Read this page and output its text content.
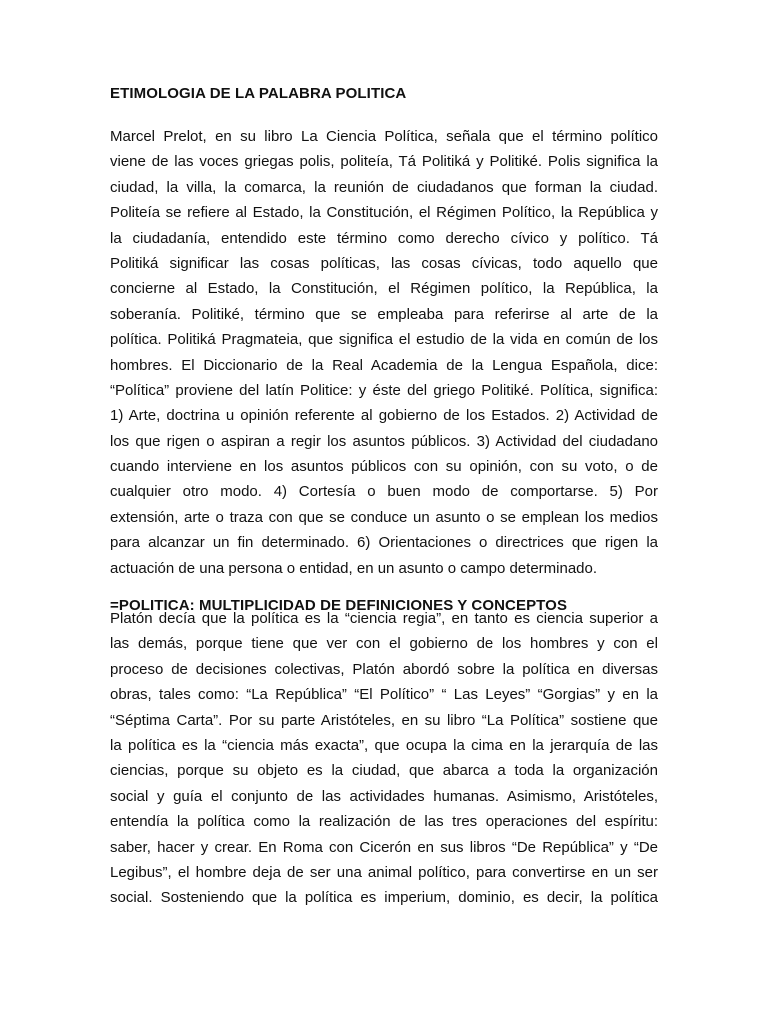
ETIMOLOGIA DE LA PALABRA POLITICA
Marcel Prelot, en su libro La Ciencia Política, señala que el término político
viene de las voces griegas polis, politeía, Tá Politiká y Politiké. Polis significa la
ciudad, la villa, la comarca, la reunión de ciudadanos que forman la ciudad.
Politeía se refiere al Estado, la Constitución, el Régimen Político, la República y
la ciudadanía, entendido este término como derecho cívico y político. Tá
Politiká significar las cosas políticas, las cosas cívicas, todo aquello que
concierne al Estado, la Constitución, el Régimen político, la República, la
soberanía. Politiké, término que se empleaba para referirse al arte de la
política. Politiká Pragmateia, que significa el estudio de la vida en común de los
hombres. El Diccionario de la Real Academia de la Lengua Española, dice:
“Política” proviene del latín Politice: y éste del griego Politiké. Política, significa:
1) Arte, doctrina u opinión referente al gobierno de los Estados. 2) Actividad de
los que rigen o aspiran a regir los asuntos públicos. 3) Actividad del ciudadano
cuando interviene en los asuntos públicos con su opinión, con su voto, o de
cualquier otro modo. 4) Cortesía o buen modo de comportarse. 5) Por
extensión, arte o traza con que se conduce un asunto o se emplean los medios
para alcanzar un fin determinado. 6) Orientaciones o directrices que rigen la
actuación de una persona o entidad, en un asunto o campo determinado.
=POLITICA: MULTIPLICIDAD DE DEFINICIONES Y CONCEPTOS
Platón decía que la política es la “ciencia regia”, en tanto es ciencia superior a
las demás, porque tiene que ver con el gobierno de los hombres y con el
proceso de decisiones colectivas, Platón abordó sobre la política en diversas
obras, tales como: “La República” “El Político” “ Las Leyes” “Gorgias” y en la
“Séptima Carta”. Por su parte Aristóteles, en su libro “La Política” sostiene que
la política es la “ciencia más exacta”, que ocupa la cima en la jerarquía de las
ciencias, porque su objeto es la ciudad, que abarca a toda la organización
social y guía el conjunto de las actividades humanas. Asimismo, Aristóteles,
entendía la política como la realización de las tres operaciones del espíritu:
saber, hacer y crear. En Roma con Cicerón en sus libros “De República” y “De
Legibus”, el hombre deja de ser una animal político, para convertirse en un ser
social. Sosteniendo que la política es imperium, dominio, es decir, la política
